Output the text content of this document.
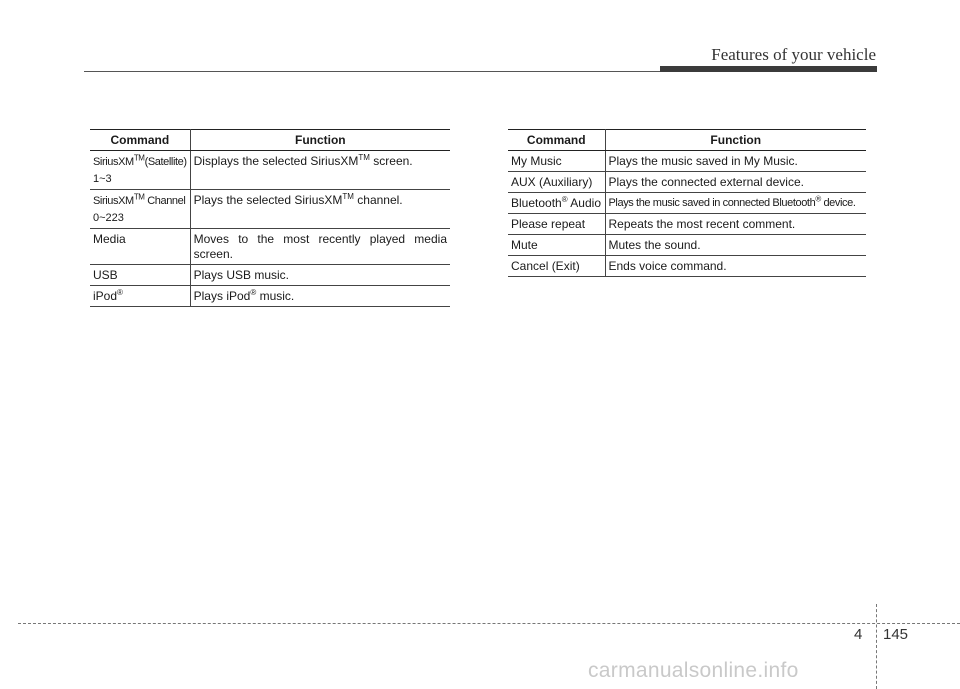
Features of your vehicle
Command	Function
SiriusXM™(Satellite)
1~3	Displays the selected SiriusXM™ screen.
SiriusXM™ Channel
0~223	Plays the selected SiriusXM™ channel.
Media	Moves to the most recently played media screen.
USB	Plays USB music.
iPod®	Plays iPod® music.
Command	Function
My Music	Plays the music saved in My Music.
AUX (Auxiliary)	Plays the connected external device.
Bluetooth® Audio	Plays the music saved in connected Bluetooth® device.
Please repeat	Repeats the most recent comment.
Mute	Mutes the sound.
Cancel (Exit)	Ends voice command.
4 145
carmanualsonline.info
